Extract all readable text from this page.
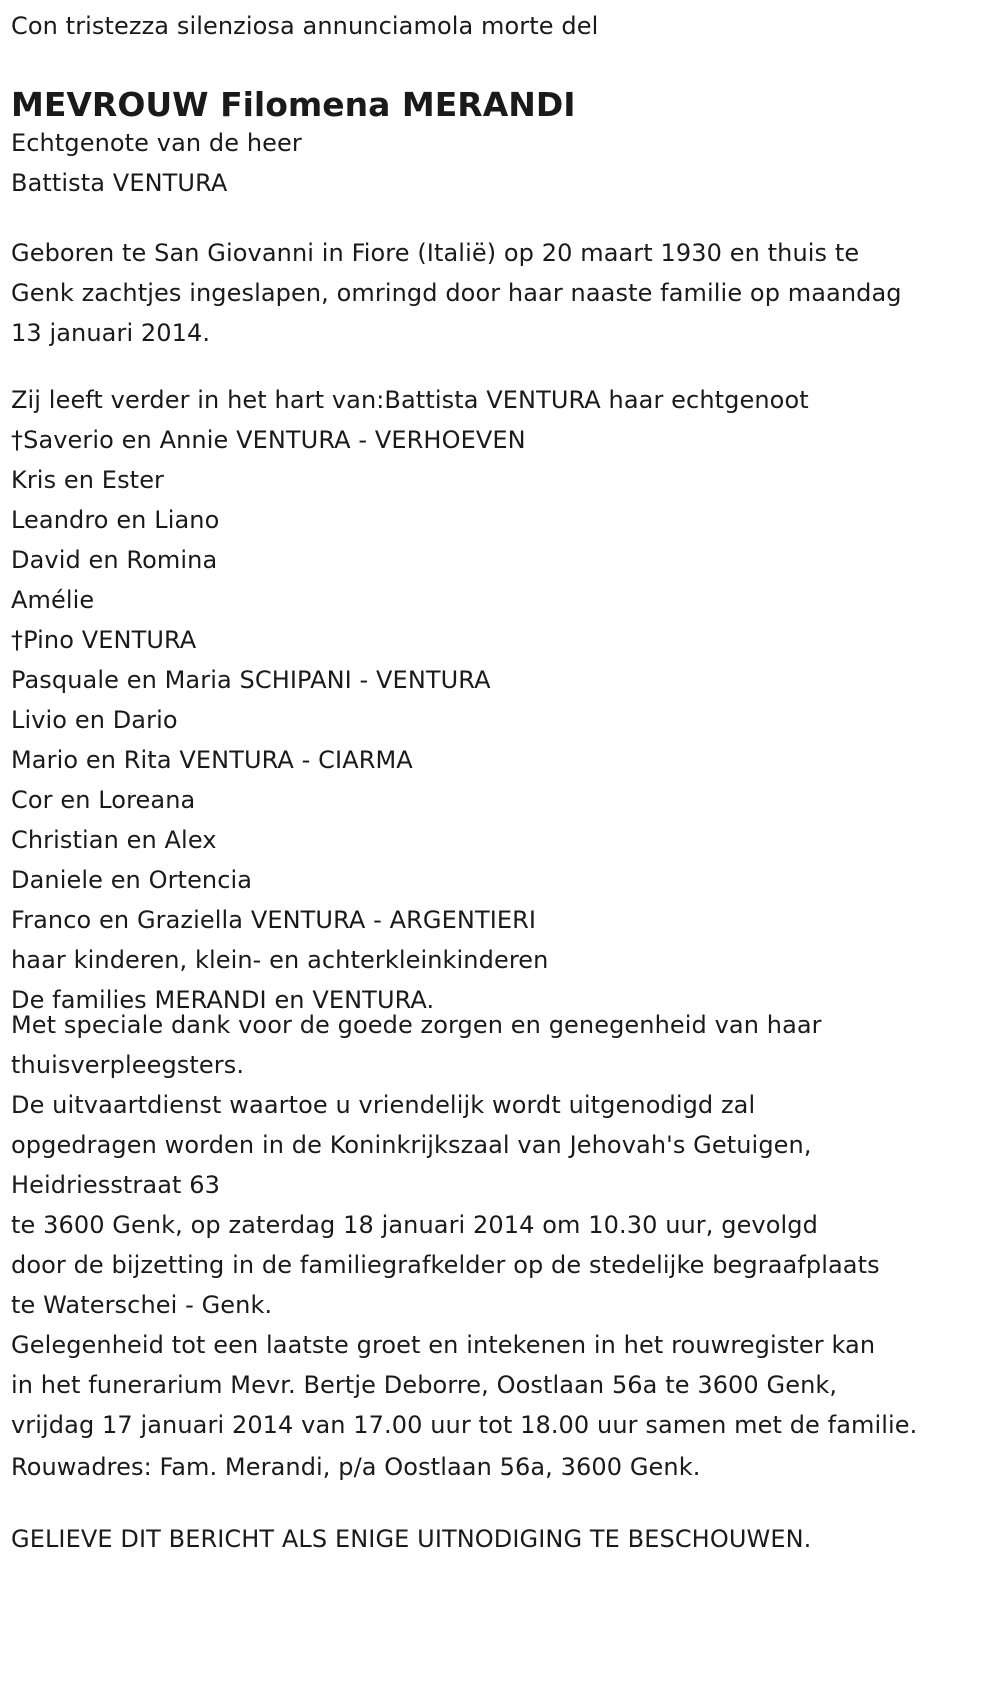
Con tristezza silenziosa annunciamola morte del
MEVROUW Filomena MERANDI
Echtgenote van de heer
Battista VENTURA
Geboren te San Giovanni in Fiore (Italië) op 20 maart 1930 en thuis te
Genk zachtjes ingeslapen, omringd door haar naaste familie op maandag
13 januari 2014.
Zij leeft verder in het hart van:Battista VENTURA haar echtgenoot
†Saverio en Annie VENTURA - VERHOEVEN
Kris en Ester
Leandro en Liano
David en Romina
Amélie
†Pino VENTURA
Pasquale en Maria SCHIPANI - VENTURA
Livio en Dario
Mario en Rita VENTURA - CIARMA
Cor en Loreana
Christian en Alex
Daniele en Ortencia
Franco en Graziella VENTURA - ARGENTIERI
haar kinderen, klein- en achterkleinkinderen
De families MERANDI en VENTURA.
Met speciale dank voor de goede zorgen en genegenheid van haar
thuisverpleegsters.
De uitvaartdienst waartoe u vriendelijk wordt uitgenodigd zal
opgedragen worden in de Koninkrijkszaal van Jehovah's Getuigen,
Heidriesstraat 63
te 3600 Genk, op zaterdag 18 januari 2014 om 10.30 uur, gevolgd
door de bijzetting in de familiegrafkelder op de stedelijke begraafplaats
te Waterschei - Genk.
Gelegenheid tot een laatste groet en intekenen in het rouwregister kan
in het funerarium Mevr. Bertje Deborre, Oostlaan 56a te 3600 Genk,
vrijdag 17 januari 2014 van 17.00 uur tot 18.00 uur samen met de familie.
Rouwadres: Fam. Merandi, p/a Oostlaan 56a, 3600 Genk.
GELIEVE DIT BERICHT ALS ENIGE UITNODIGING TE BESCHOUWEN.
